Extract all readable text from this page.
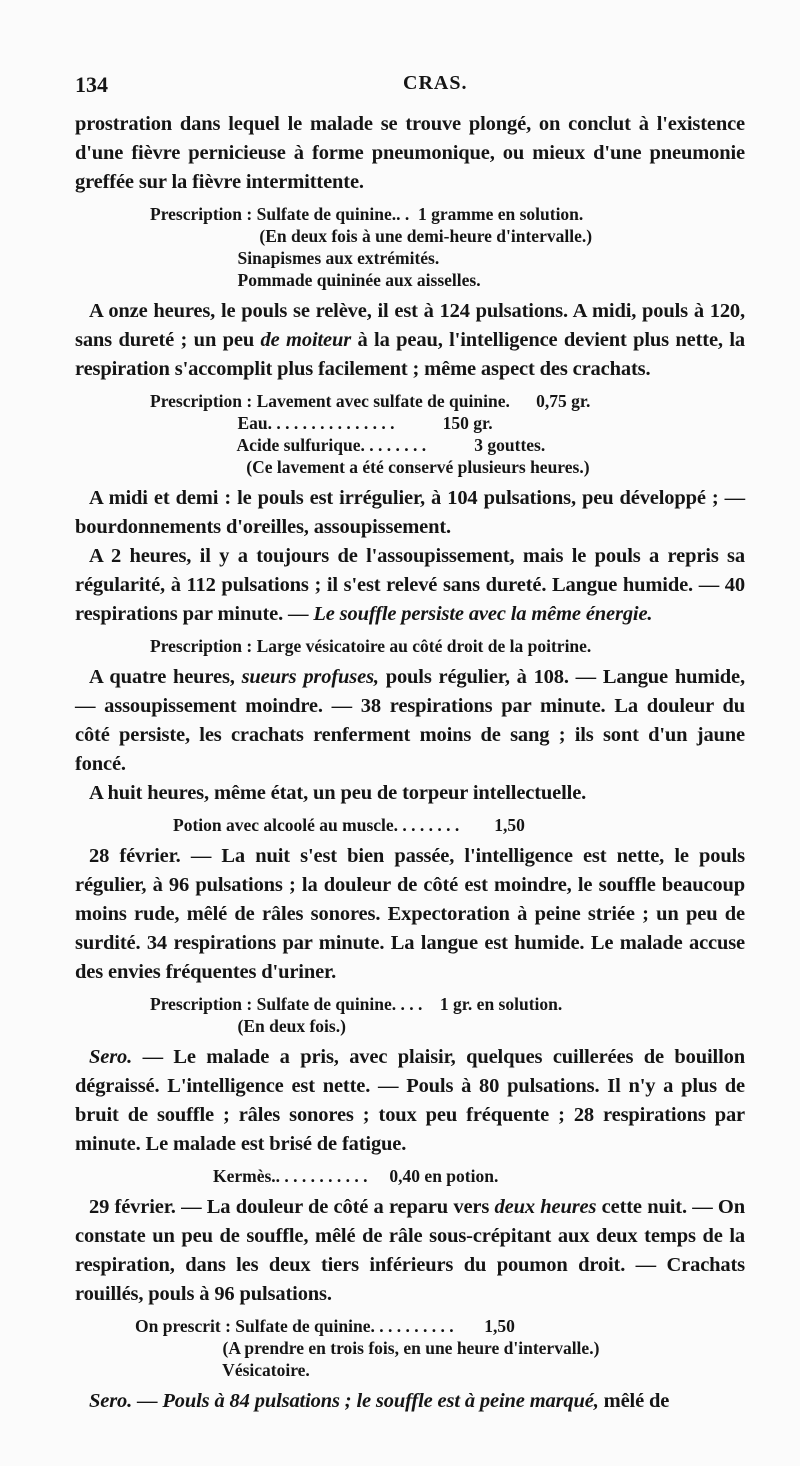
134	CRAS.

prostration dans lequel le malade se trouve plongé, on conclut à l'existence d'une fièvre pernicieuse à forme pneumonique, ou mieux d'une pneumonie greffée sur la fièvre intermittente.

Prescription : Sulfate de quinine.. .  1 gramme en solution.
(En deux fois à une demi-heure d'intervalle.)
Sinapismes aux extrémités.
Pommade quininée aux aisselles.

A onze heures, le pouls se relève, il est à 124 pulsations. A midi, pouls à 120, sans dureté ; un peu de moiteur à la peau, l'intelligence devient plus nette, la respiration s'accomplit plus facilement ; même aspect des crachats.

Prescription : Lavement avec sulfate de quinine.      0,75 gr.
Eau. . . . . . . . . . . . . . .           150 gr.
Acide sulfurique. . . . . . . .           3 gouttes.
(Ce lavement a été conservé plusieurs heures.)

A midi et demi : le pouls est irrégulier, à 104 pulsations, peu développé ; — bourdonnements d'oreilles, assoupissement.

A 2 heures, il y a toujours de l'assoupissement, mais le pouls a repris sa régularité, à 112 pulsations ; il s'est relevé sans dureté. Langue humide. — 40 respirations par minute. — Le souffle persiste avec la même énergie.

Prescription : Large vésicatoire au côté droit de la poitrine.

A quatre heures, sueurs profuses, pouls régulier, à 108. — Langue humide, — assoupissement moindre. — 38 respirations par minute. La douleur du côté persiste, les crachats renferment moins de sang ; ils sont d'un jaune foncé.

A huit heures, même état, un peu de torpeur intellectuelle.

Potion avec alcoolé au muscle. . . . . . . .        1,50

28 février. — La nuit s'est bien passée, l'intelligence est nette, le pouls régulier, à 96 pulsations ; la douleur de côté est moindre, le souffle beaucoup moins rude, mêlé de râles sonores. Expectoration à peine striée ; un peu de surdité. 34 respirations par minute. La langue est humide. Le malade accuse des envies fréquentes d'uriner.

Prescription : Sulfate de quinine. . . .    1 gr. en solution.
(En deux fois.)

Sero. — Le malade a pris, avec plaisir, quelques cuillerées de bouillon dégraissé. L'intelligence est nette. — Pouls à 80 pulsations. Il n'y a plus de bruit de souffle ; râles sonores ; toux peu fréquente ; 28 respirations par minute. Le malade est brisé de fatigue.

Kermès.. . . . . . . . . . .     0,40 en potion.

29 février. — La douleur de côté a reparu vers deux heures cette nuit. — On constate un peu de souffle, mêlé de râle sous-crépitant aux deux temps de la respiration, dans les deux tiers inférieurs du poumon droit. — Crachats rouillés, pouls à 96 pulsations.

On prescrit : Sulfate de quinine. . . . . . . . . .       1,50
(A prendre en trois fois, en une heure d'intervalle.)
Vésicatoire.

Sero. — Pouls à 84 pulsations ; le souffle est à peine marqué, mêlé de
